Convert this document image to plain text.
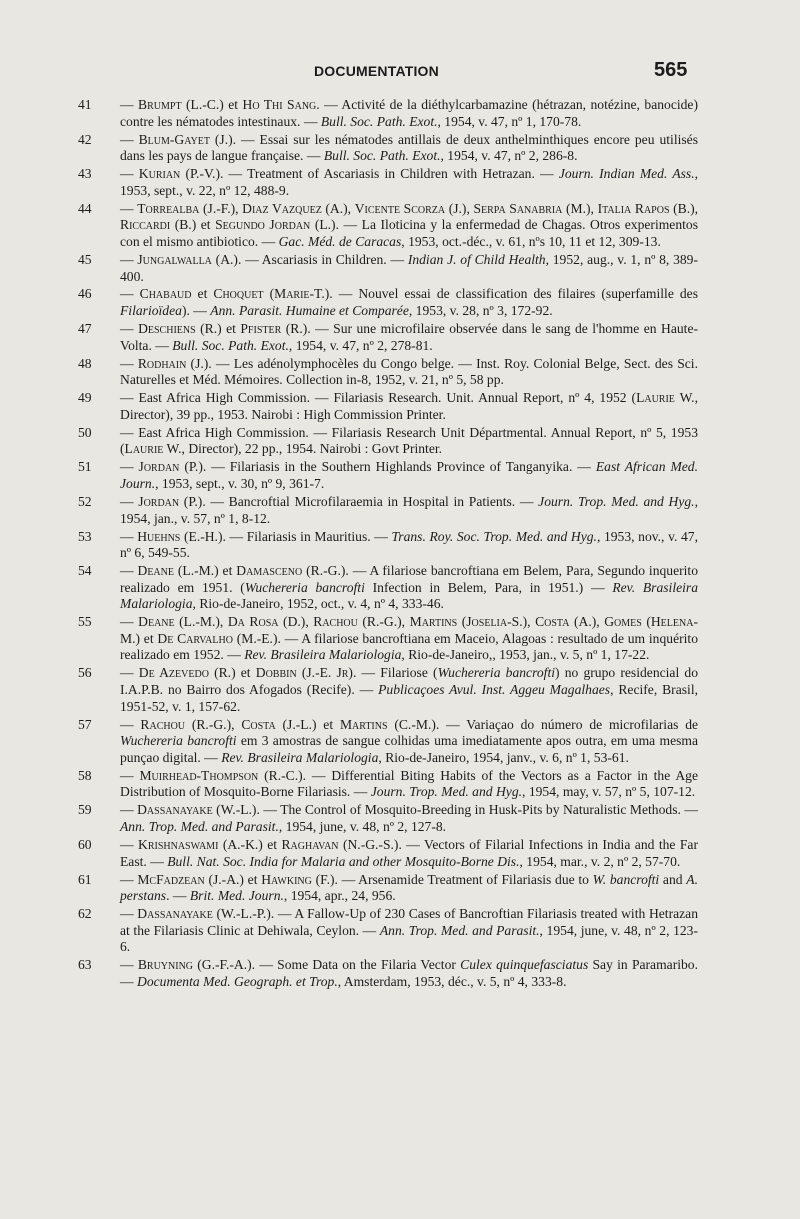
DOCUMENTATION	565
41 — Brumpt (L.-C.) et Ho Thi Sang. — Activité de la diéthylcarbamazine (hétrazan, notézine, banocide) contre les nématodes intestinaux. — Bull. Soc. Path. Exot., 1954, v. 47, nº 1, 170-78.
42 — Blum-Gayet (J.). — Essai sur les nématodes antillais de deux anthelminthiques encore peu utilisés dans les pays de langue française. — Bull. Soc. Path. Exot., 1954, v. 47, nº 2, 286-8.
43 — Kurian (P.-V.). — Treatment of Ascariasis in Children with Hetrazan. — Journ. Indian Med. Ass., 1953, sept., v. 22, nº 12, 488-9.
44 — Torrealba (J.-F.), Diaz Vazquez (A.), Vicente Scorza (J.), Serpa Sanabria (M.), Italia Rapos (B.), Riccardi (B.) et Segundo Jordan (L.). — La Iloticina y la enfermedad de Chagas. Otros experimentos con el mismo antibiotico. — Gac. Méd. de Caracas, 1953, oct.-déc., v. 61, nºs 10, 11 et 12, 309-13.
45 — Jungalwalla (A.). — Ascariasis in Children. — Indian J. of Child Health, 1952, aug., v. 1, nº 8, 389-400.
46 — Chabaud et Choquet (Marie-T.). — Nouvel essai de classification des filaires (superfamille des Filarioïdea). — Ann. Parasit. Humaine et Comparée, 1953, v. 28, nº 3, 172-92.
47 — Deschiens (R.) et Pfister (R.). — Sur une microfilaire observée dans le sang de l'homme en Haute-Volta. — Bull. Soc. Path. Exot., 1954, v. 47, nº 2, 278-81.
48 — Rodhain (J.). — Les adénolymphocèles du Congo belge. — Inst. Roy. Colonial Belge, Sect. des Sci. Naturelles et Méd. Mémoires. Collection in-8, 1952, v. 21, nº 5, 58 pp.
49 — East Africa High Commission. — Filariasis Research. Unit. Annual Report, nº 4, 1952 (Laurie W., Director), 39 pp., 1953. Nairobi : High Commission Printer.
50 — East Africa High Commission. — Filariasis Research Unit Départmental. Annual Report, nº 5, 1953 (Laurie W., Director), 22 pp., 1954. Nairobi : Govt Printer.
51 — Jordan (P.). — Filariasis in the Southern Highlands Province of Tanganyika. — East African Med. Journ., 1953, sept., v. 30, nº 9, 361-7.
52 — Jordan (P.). — Bancroftial Microfilaraemia in Hospital in Patients. — Journ. Trop. Med. and Hyg., 1954, jan., v. 57, nº 1, 8-12.
53 — Huehns (E.-H.). — Filariasis in Mauritius. — Trans. Roy. Soc. Trop. Med. and Hyg., 1953, nov., v. 47, nº 6, 549-55.
54 — Deane (L.-M.) et Damasceno (R.-G.). — A filariose bancroftiana em Belem, Para, Segundo inquerito realizado em 1951. (Wuchereria bancrofti Infection in Belem, Para, in 1951.) — Rev. Brasileira Malariologia, Rio-de-Janeiro, 1952, oct., v. 4, nº 4, 333-46.
55 — Deane (L.-M.), Da Rosa (D.), Rachou (R.-G.), Martins (Joselia-S.), Costa (A.), Gomes (Helena-M.) et De Carvalho (M.-E.). — A filariose bancroftiana em Maceio, Alagoas : resultado de um inquérito realizado em 1952. — Rev. Brasileira Malariologia, Rio-de-Janeiro,, 1953, jan., v. 5, nº 1, 17-22.
56 — De Azevedo (R.) et Dobbin (J.-E. Jr). — Filariose (Wuchereria bancrofti) no grupo residencial do I.A.P.B. no Bairro dos Afogados (Recife). — Publicaçoes Avul. Inst. Aggeu Magalhaes, Recife, Brasil, 1951-52, v. 1, 157-62.
57 — Rachou (R.-G.), Costa (J.-L.) et Martins (C.-M.). — Variaçao do número de microfilarias de Wuchereria bancrofti em 3 amostras de sangue colhidas uma imediatamente apos outra, em uma mesma punçao digital. — Rev. Brasileira Malariologia, Rio-de-Janeiro, 1954, janv., v. 6, nº 1, 53-61.
58 — Muirhead-Thompson (R.-C.). — Differential Biting Habits of the Vectors as a Factor in the Age Distribution of Mosquito-Borne Filariasis. — Journ. Trop. Med. and Hyg., 1954, may, v. 57, nº 5, 107-12.
59 — Dassanayake (W.-L.). — The Control of Mosquito-Breeding in Husk-Pits by Naturalistic Methods. — Ann. Trop. Med. and Parasit., 1954, june, v. 48, nº 2, 127-8.
60 — Krishnaswami (A.-K.) et Raghavan (N.-G.-S.). — Vectors of Filarial Infections in India and the Far East. — Bull. Nat. Soc. India for Malaria and other Mosquito-Borne Dis., 1954, mar., v. 2, nº 2, 57-70.
61 — McFadzean (J.-A.) et Hawking (F.). — Arsenamide Treatment of Filariasis due to W. bancrofti and A. perstans. — Brit. Med. Journ., 1954, apr., 24, 956.
62 — Dassanayake (W.-L.-P.). — A Fallow-Up of 230 Cases of Bancroftian Filariasis treated with Hetrazan at the Filariasis Clinic at Dehiwala, Ceylon. — Ann. Trop. Med. and Parasit., 1954, june, v. 48, nº 2, 123-6.
63 — Bruyning (G.-F.-A.). — Some Data on the Filaria Vector Culex quinquefasciatus Say in Paramaribo. — Documenta Med. Geograph. et Trop., Amsterdam, 1953, déc., v. 5, nº 4, 333-8.
